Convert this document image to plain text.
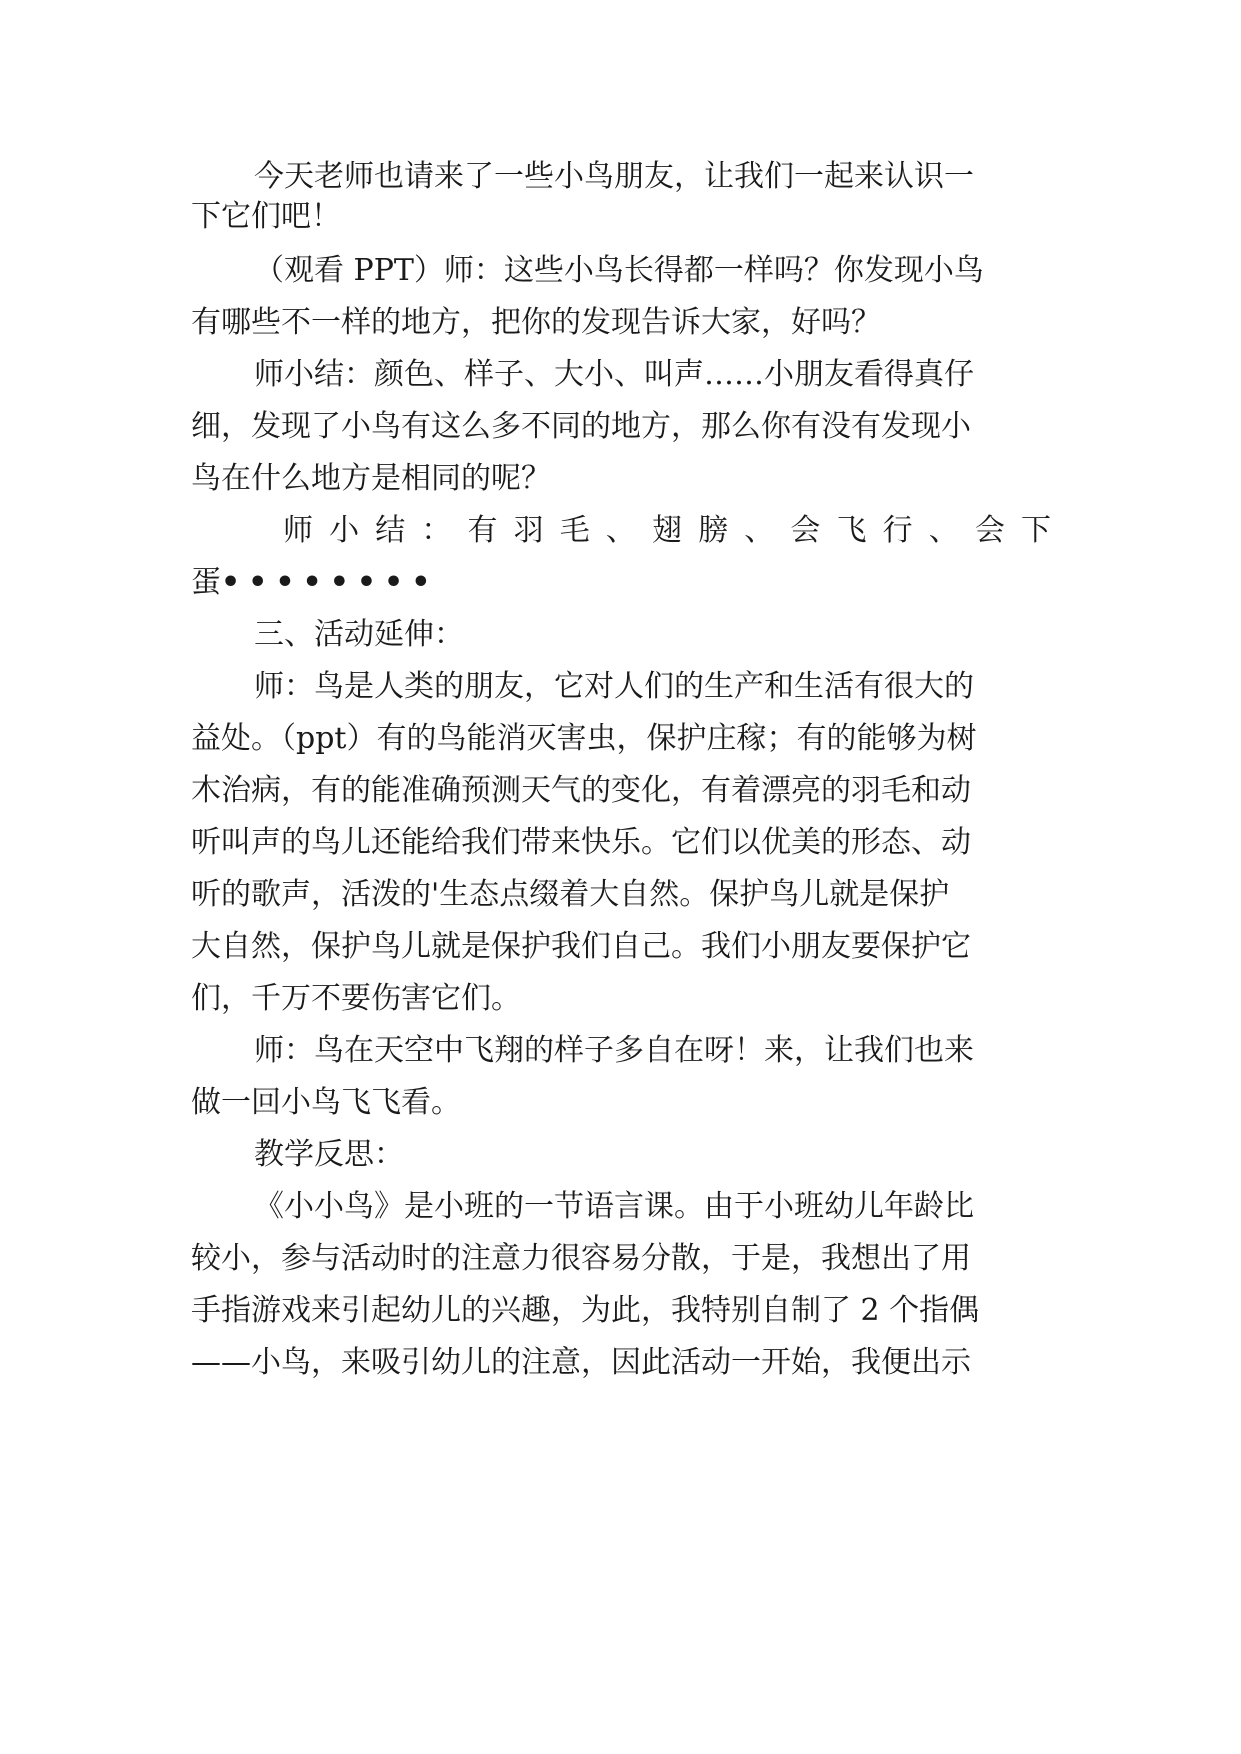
今天老师也请来了一些小鸟朋友，让我们一起来认识一
下它们吧！
（观看 PPT）师：这些小鸟长得都一样吗？你发现小鸟
有哪些不一样的地方，把你的发现告诉大家，好吗？
师小结：颜色、样子、大小、叫声……小朋友看得真仔
细，发现了小鸟有这么多不同的地方，那么你有没有发现小
鸟在什么地方是相同的呢？
师 小 结 ： 有 羽 毛 、 翅 膀 、 会 飞 行 、 会 下
蛋••••••••
三、活动延伸：
师：鸟是人类的朋友，它对人们的生产和生活有很大的
益处。（ppt）有的鸟能消灭害虫，保护庄稼；有的能够为树
木治病，有的能准确预测天气的变化，有着漂亮的羽毛和动
听叫声的鸟儿还能给我们带来快乐。它们以优美的形态、动
听的歌声，活泼的'生态点缀着大自然。保护鸟儿就是保护
大自然，保护鸟儿就是保护我们自己。我们小朋友要保护它
们，千万不要伤害它们。
师：鸟在天空中飞翔的样子多自在呀！来，让我们也来
做一回小鸟飞飞看。
教学反思：
《小小鸟》是小班的一节语言课。由于小班幼儿年龄比
较小，参与活动时的注意力很容易分散，于是，我想出了用
手指游戏来引起幼儿的兴趣，为此，我特别自制了 2 个指偶
——小鸟，来吸引幼儿的注意，因此活动一开始，我便出示
